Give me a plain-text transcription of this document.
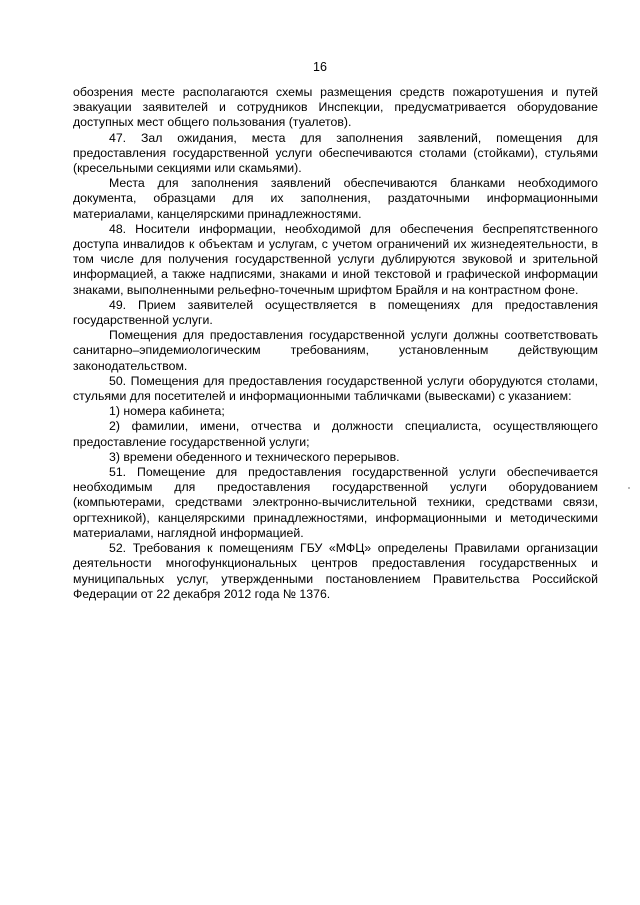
16

обозрения месте располагаются схемы размещения средств пожаротушения и путей эвакуации заявителей и сотрудников Инспекции, предусматривается оборудование доступных мест общего пользования (туалетов).

47. Зал ожидания, места для заполнения заявлений, помещения для предоставления государственной услуги обеспечиваются столами (стойками), стульями (кресельными секциями или скамьями).

Места для заполнения заявлений обеспечиваются бланками необходимого документа, образцами для их заполнения, раздаточными информационными материалами, канцелярскими принадлежностями.

48. Носители информации, необходимой для обеспечения беспрепятственного доступа инвалидов к объектам и услугам, с учетом ограничений их жизнедеятельности, в том числе для получения государственной услуги дублируются звуковой и зрительной информацией, а также надписями, знаками и иной текстовой и графической информации знаками, выполненными рельефно-точечным шрифтом Брайля и на контрастном фоне.

49. Прием заявителей осуществляется в помещениях для предоставления государственной услуги.

Помещения для предоставления государственной услуги должны соответствовать санитарно–эпидемиологическим требованиям, установленным действующим законодательством.

50. Помещения для предоставления государственной услуги оборудуются столами, стульями для посетителей и информационными табличками (вывесками) с указанием:

1) номера кабинета;

2) фамилии, имени, отчества и должности специалиста, осуществляющего предоставление государственной услуги;

3) времени обеденного и технического перерывов.

51. Помещение для предоставления государственной услуги обеспечивается необходимым для предоставления государственной услуги оборудованием (компьютерами, средствами электронно-вычислительной техники, средствами связи, оргтехникой), канцелярскими принадлежностями, информационными и методическими материалами, наглядной информацией.

52. Требования к помещениям ГБУ «МФЦ» определены Правилами организации деятельности многофункциональных центров предоставления государственных и муниципальных услуг, утвержденными постановлением Правительства Российской Федерации от 22 декабря 2012 года № 1376.
